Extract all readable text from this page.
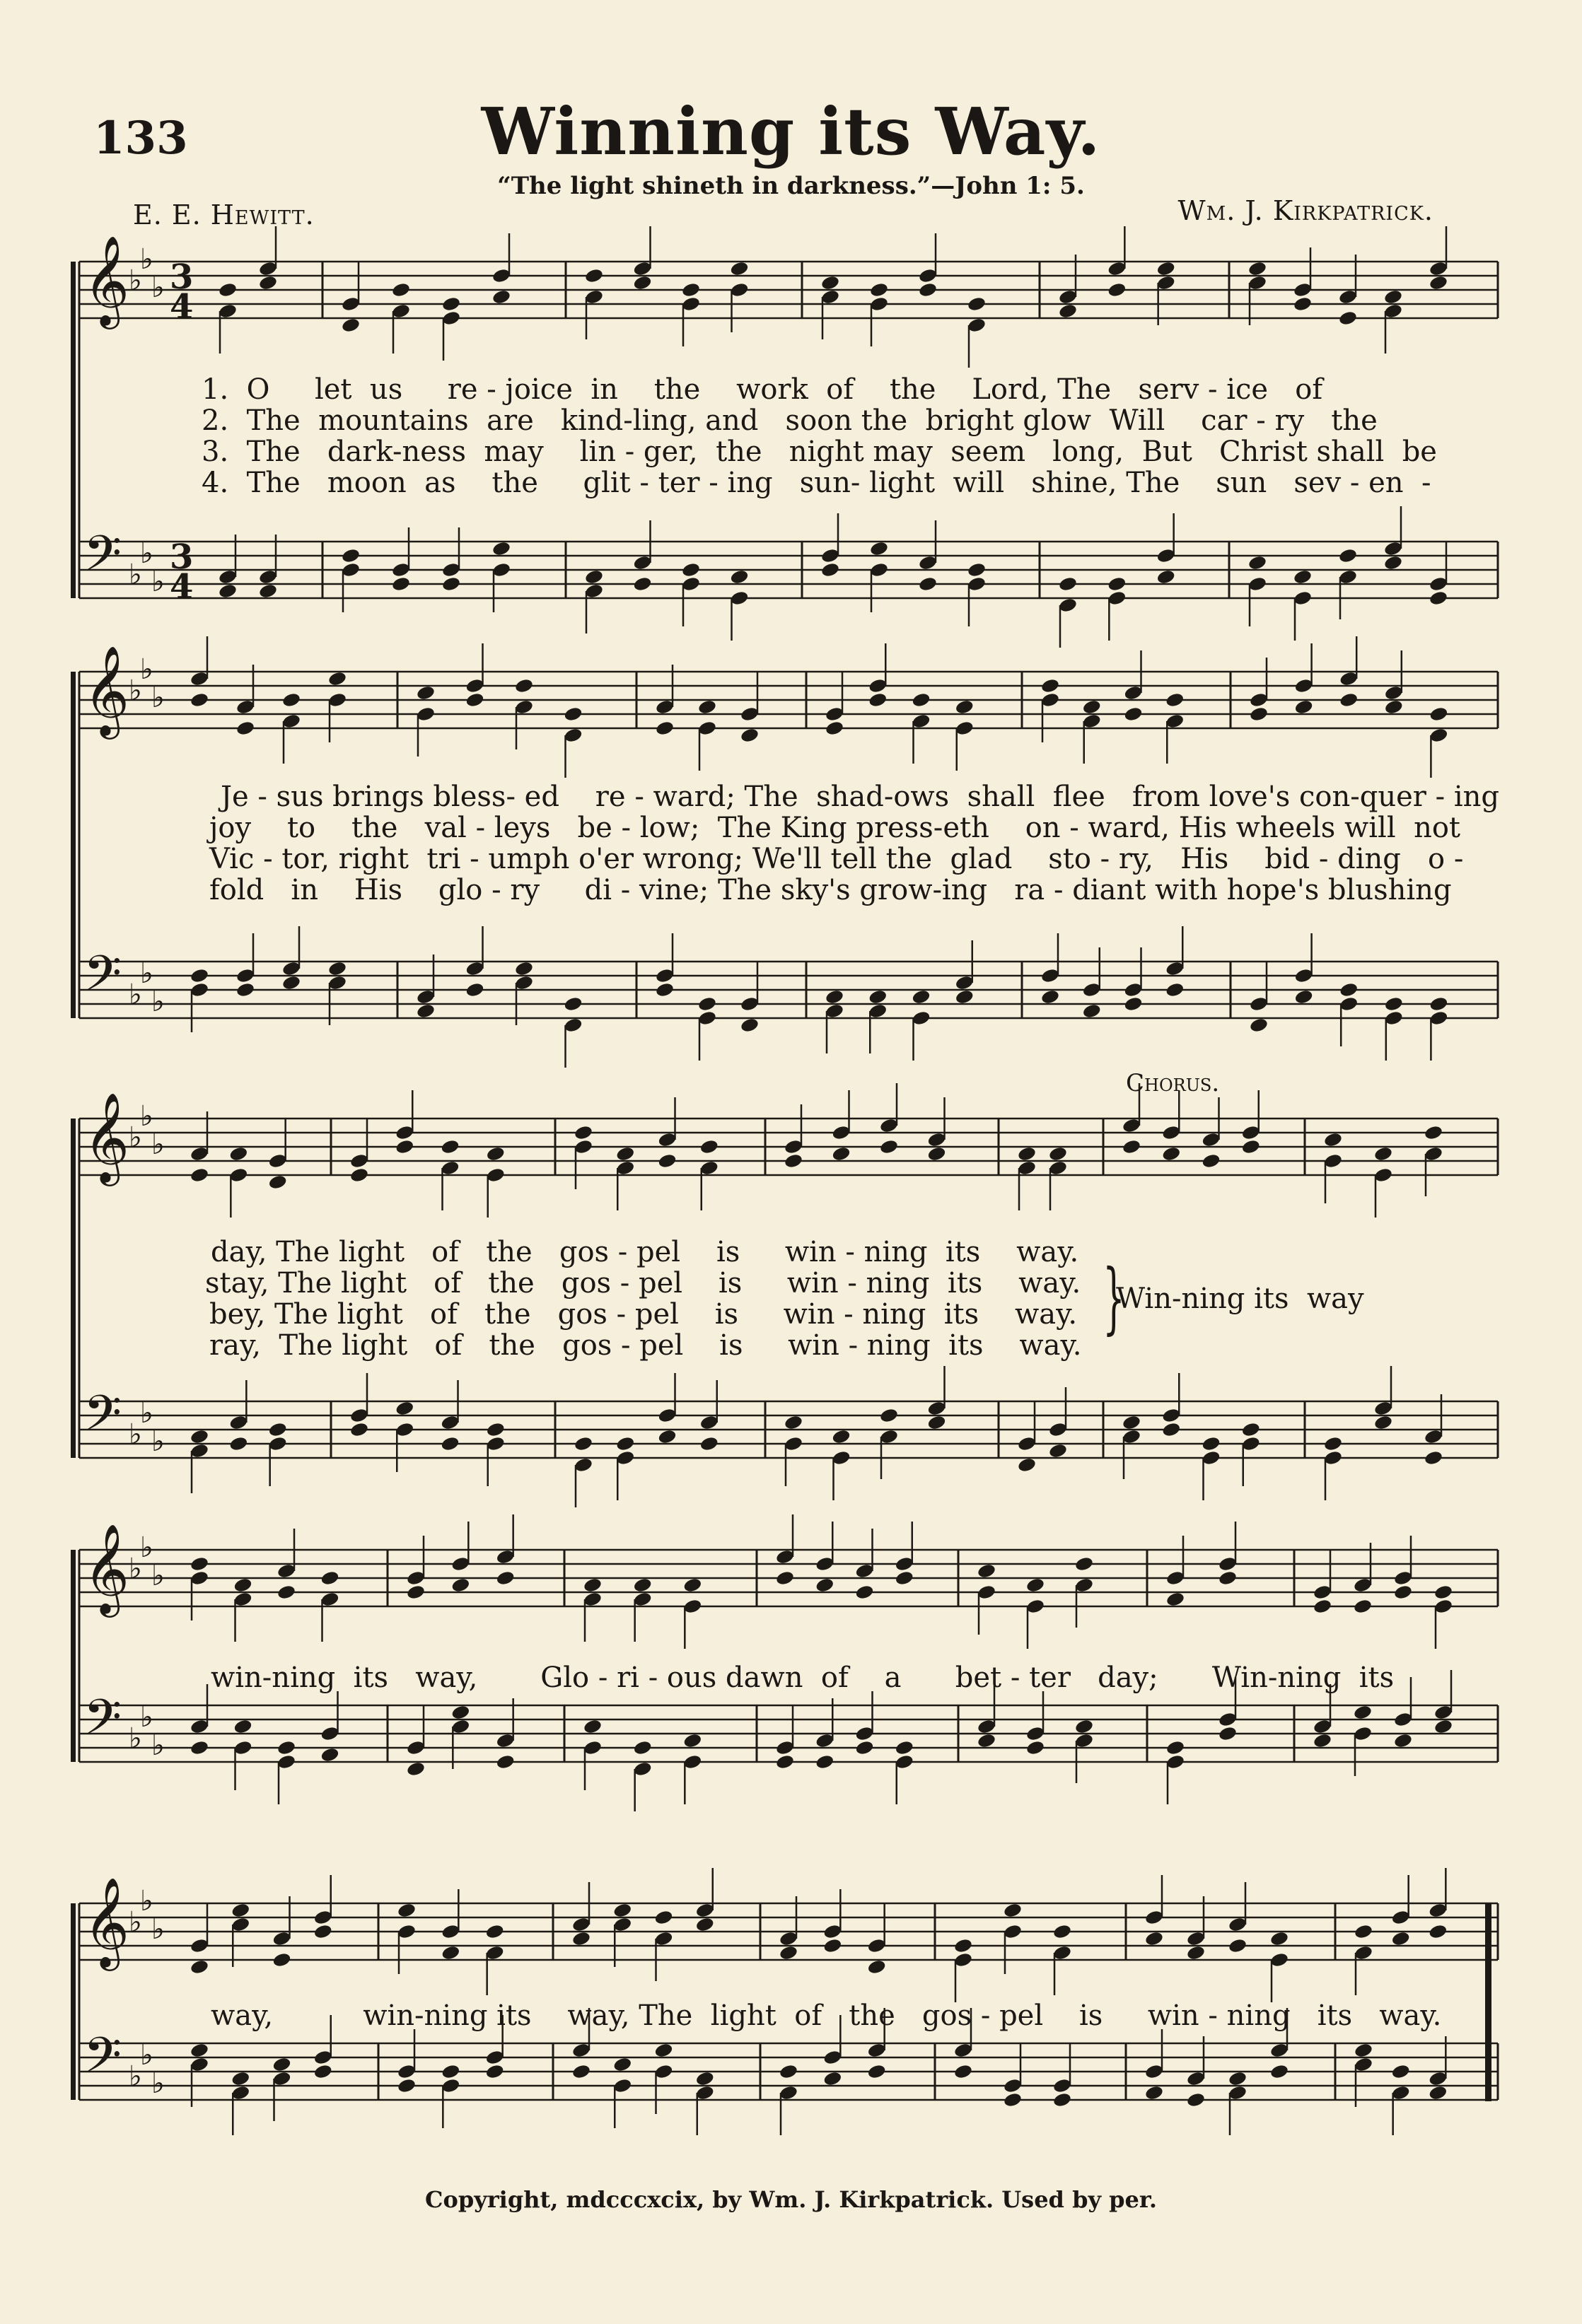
133	Winning its Way.
“The light shineth in darkness.”—John 1: 5.
E. E. Hewitt.	Wm. J. Kirkpatrick.
𝄞
𝄢
♭
♭
♭
♭
♭
♭
3
4
3
4
𝄞
𝄢
♭
♭
♭
♭
♭
♭
𝄞
𝄢
♭
♭
♭
♭
♭
♭
𝄞
𝄢
♭
♭
♭
♭
♭
♭
𝄞
𝄢
♭
♭
♭
♭
♭
♭
1.  O     let  us     re - joice  in    the    work  of    the    Lord, The   serv - ice   of
2.  The  mountains  are   kind-ling, and   soon the  bright glow  Will    car - ry   the
3.  The   dark-ness  may    lin - ger,  the   night may  seem   long,  But   Christ shall  be
4.  The   moon  as    the     glit - ter - ing   sun- light  will   shine, The    sun   sev - en  -
Je - sus brings bless- ed    re - ward; The  shad-ows  shall  flee   from love's con-quer - ing
joy    to    the   val - leys   be - low;  The King press-eth    on - ward, His wheels will  not
Vic - tor, right  tri - umph o'er wrong; We'll tell the  glad    sto - ry,   His    bid - ding   o -
fold   in    His    glo - ry     di - vine; The sky's grow-ing   ra - diant with hope's blushing
Chorus.
day, The light   of   the   gos - pel    is     win - ning  its    way.
stay, The light   of   the   gos - pel    is     win - ning  its    way.
bey, The light   of   the   gos - pel    is     win - ning  its    way.
ray,  The light   of   the   gos - pel    is     win - ning  its    way.
}
Win-ning its  way
win-ning  its   way,       Glo - ri - ous dawn  of    a      bet - ter   day;      Win-ning  its
way,          win-ning its    way, The  light  of   the   gos - pel    is     win - ning   its   way.
Copyright, mdcccxcix, by Wm. J. Kirkpatrick. Used by per.
